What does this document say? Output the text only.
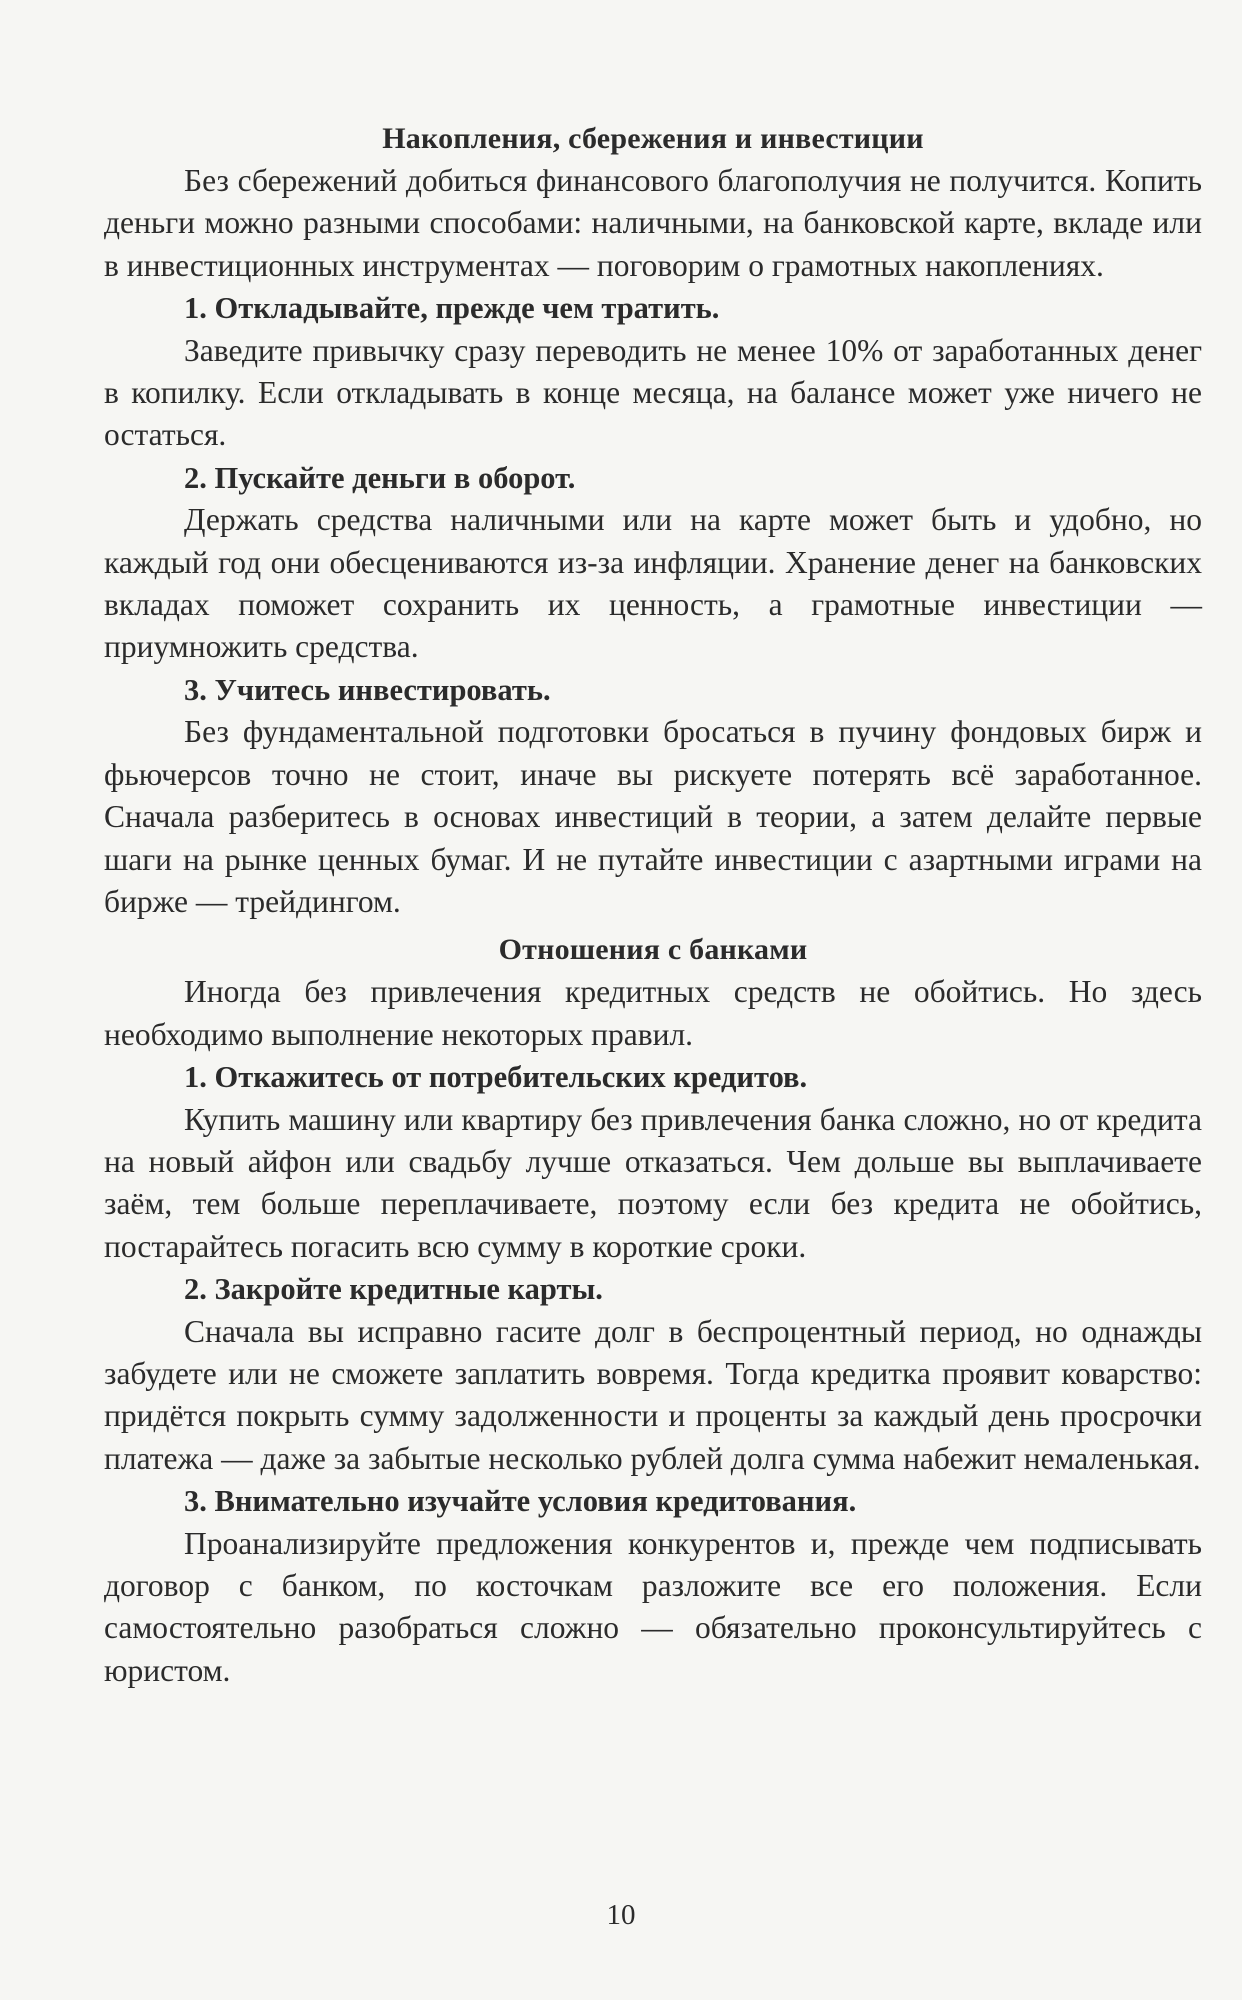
Накопления, сбережения и инвестиции

Без сбережений добиться финансового благополучия не получится. Копить деньги можно разными способами: наличными, на банковской карте, вкладе или в инвестиционных инструментах — поговорим о грамотных накоплениях.

1. Откладывайте, прежде чем тратить.

Заведите привычку сразу переводить не менее 10% от заработанных денег в копилку. Если откладывать в конце месяца, на балансе может уже ничего не остаться.

2. Пускайте деньги в оборот.

Держать средства наличными или на карте может быть и удобно, но каждый год они обесцениваются из-за инфляции. Хранение денег на банковских вкладах поможет сохранить их ценность, а грамотные инвестиции — приумножить средства.

3. Учитесь инвестировать.

Без фундаментальной подготовки бросаться в пучину фондовых бирж и фьючерсов точно не стоит, иначе вы рискуете потерять всё заработанное. Сначала разберитесь в основах инвестиций в теории, а затем делайте первые шаги на рынке ценных бумаг. И не путайте инвестиции с азартными играми на бирже — трейдингом.

Отношения с банками

Иногда без привлечения кредитных средств не обойтись. Но здесь необходимо выполнение некоторых правил.

1. Откажитесь от потребительских кредитов.

Купить машину или квартиру без привлечения банка сложно, но от кредита на новый айфон или свадьбу лучше отказаться. Чем дольше вы выплачиваете заём, тем больше переплачиваете, поэтому если без кредита не обойтись, постарайтесь погасить всю сумму в короткие сроки.

2. Закройте кредитные карты.

Сначала вы исправно гасите долг в беспроцентный период, но однажды забудете или не сможете заплатить вовремя. Тогда кредитка проявит коварство: придётся покрыть сумму задолженности и проценты за каждый день просрочки платежа — даже за забытые несколько рублей долга сумма набежит немаленькая.

3. Внимательно изучайте условия кредитования.

Проанализируйте предложения конкурентов и, прежде чем подписывать договор с банком, по косточкам разложите все его положения. Если самостоятельно разобраться сложно — обязательно проконсультируйтесь с юристом.

10
